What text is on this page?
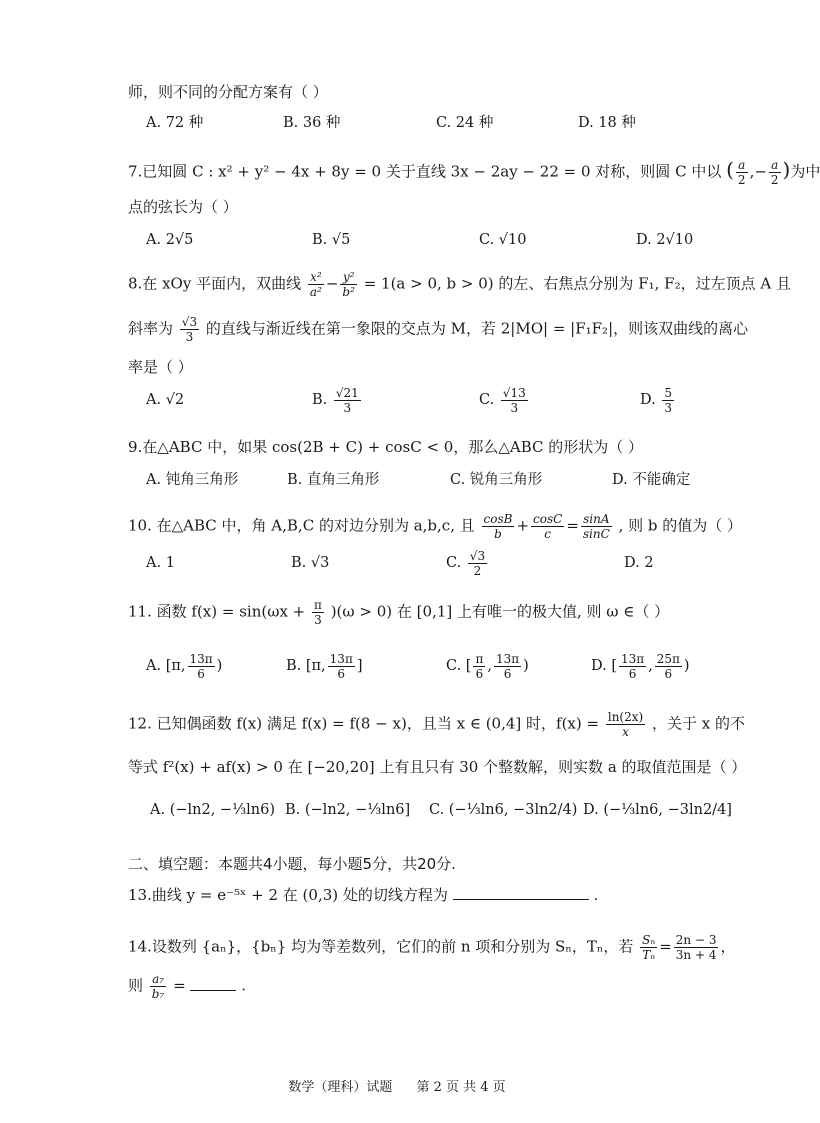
师，则不同的分配方案有（ ）
A. 72 种	B. 36 种	C. 24 种	D. 18 种
7.已知圆 C : x² + y² − 4x + 8y = 0 关于直线 3x − 2ay − 22 = 0 对称，则圆 C 中以 ( $\frac{a}{2}$ ,− $\frac{a}{2}$ )为中
点的弦长为（ ）
A. 2√5	B. √5	C. √10	D. 2√10
8.在 xOy 平面内，双曲线 $\frac{\text{x²}}{\text{a²}} - \frac{\text{y²}}{\text{b²}} = 1(a > 0$, b > 0) 的左、右焦点分别为 F₁, F₂，过左顶点 A 且
斜率为 $\frac{√3}{3}$ 的直线与渐近线在第一象限的交点为 M，若 2|MO| = |F₁F₂|，则该双曲线的离心
率是（ ）
A. √2	B. $\frac{√21}{3}$	C. $\frac{√13}{3}$	D. $\frac{5}{3}$
9.在△ABC 中，如果 cos(2B + C) + cosC < 0，那么△ABC 的形状为（ ）
A. 钝角三角形	B. 直角三角形	C. 锐角三角形	D. 不能确定
10. 在△ABC 中，角 A,B,C 的对边分别为 a,b,c, 且 $\frac{\cos B}{b} + \frac{\cos C}{c} = \frac{\sin A}{\sin C}$ , 则 b 的值为（ ）
A. 1	B. √3	C. $\frac{√3}{2}$	D. 2
11. 函数 $f(x) = \sin(\omega x + \frac{\pi}{3} )(\omega > 0)$ 在 [0,1] 上有唯一的极大值, 则 ω ∈（ ）
A. [π, $\frac{13\pi}{6}$ )	B. [π, $\frac{13\pi}{6}$ ]	C. [ $\frac{\pi}{6}$ , $\frac{13\pi}{6}$ )	D. [ $\frac{13\pi}{6}$ , $\frac{25\pi}{6}$ )
12. 已知偶函数 f(x) 满足 f(x) = f(8 − x)，且当 x ∈ (0,4] 时，$f(x) = \frac{\ln(2x)}{x}$ ，关于 x 的不
等式 f²(x) + af(x) > 0 在 [−20,20] 上有且只有 30 个整数解，则实数 a 的取值范围是（ ）
A. (−ln2, −⅓ln6) B. (−ln2, −⅓ln6] C. (−⅓ln6, −3ln2/4) D. (−⅓ln6, −3ln2/4]
二、填空题：本题共4小题，每小题5分，共20分.
13.曲线 y = e⁻⁵ˣ + 2 在 (0,3) 处的切线方程为	.
14.设数列 {aₙ}，{bₙ} 均为等差数列，它们的前 n 项和分别为 Sₙ，Tₙ，若 $\frac{\text{Sₙ}}{\text{Tₙ}} = \frac{2n - 3}{3n + 4}$ ，
则 $\frac{\text{a₇}}{\text{b₇}}$ =	.
数学（理科）试题 第 2 页 共 4 页
